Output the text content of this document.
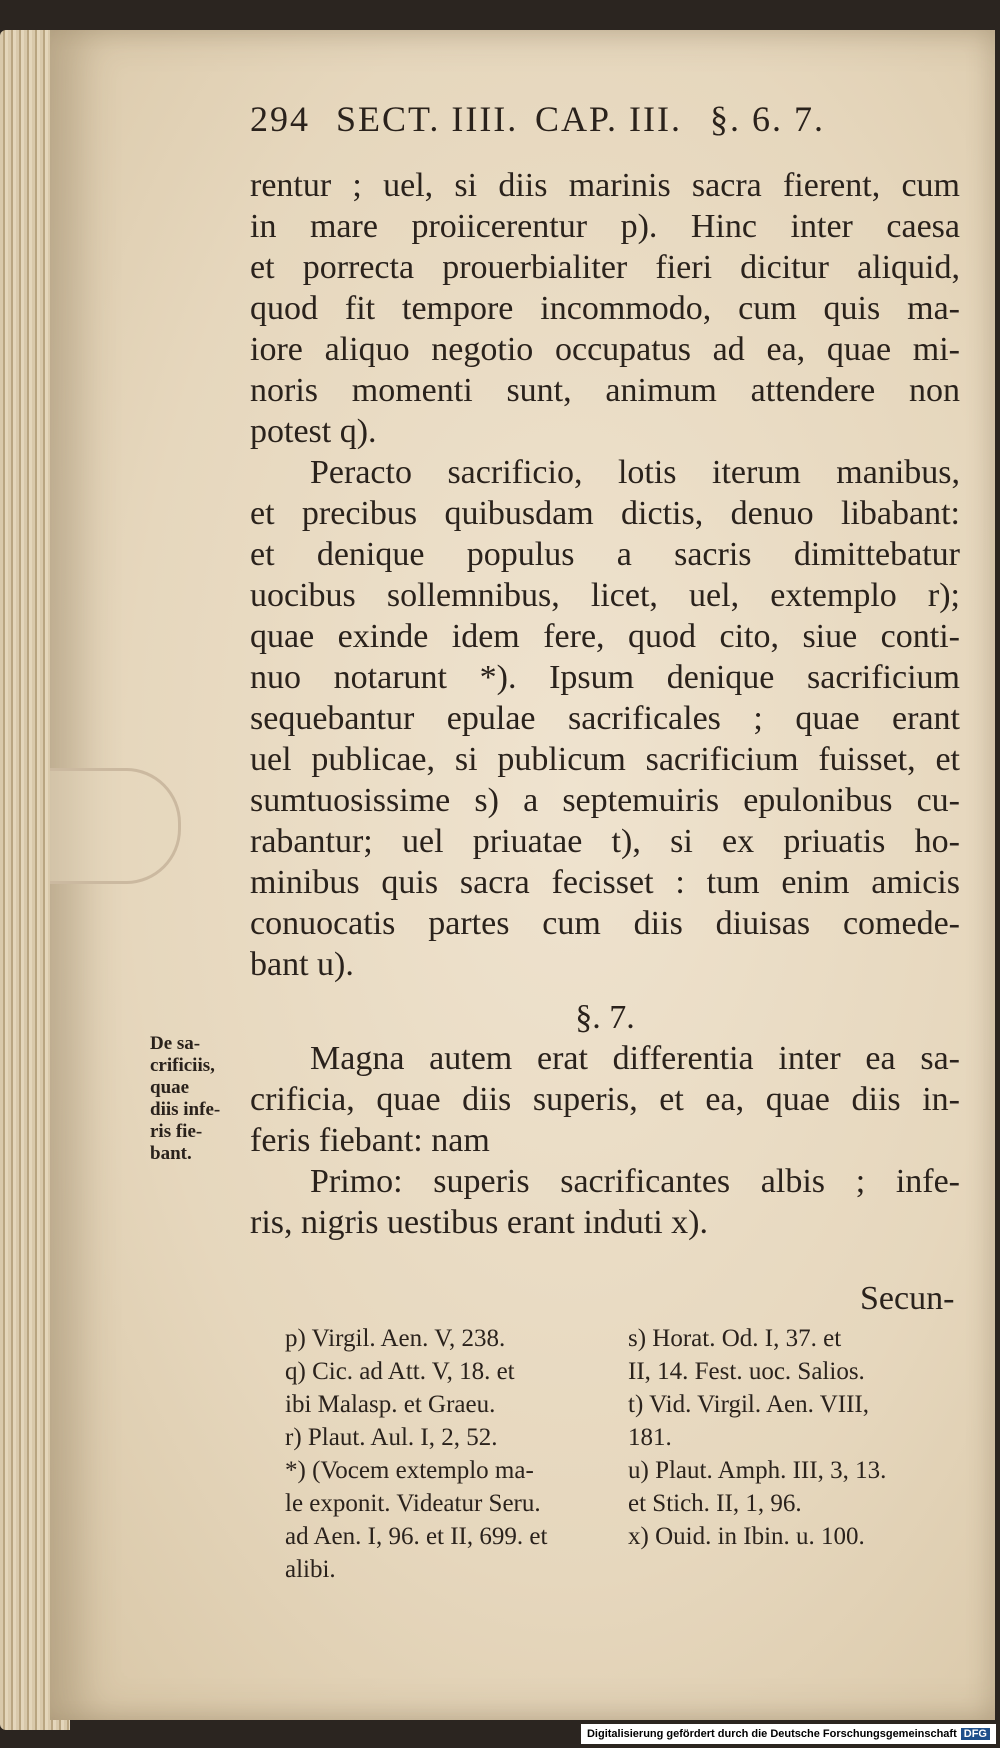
294 SECT. IIII. CAP. III. §. 6. 7.
rentur ; uel, si diis marinis sacra fierent, cum
in mare proiicerentur p). Hinc inter caesa
et porrecta prouerbialiter fieri dicitur aliquid,
quod fit tempore incommodo, cum quis ma-
iore aliquo negotio occupatus ad ea, quae mi-
noris momenti sunt, animum attendere non
potest q).
Peracto sacrificio, lotis iterum manibus,
et precibus quibusdam dictis, denuo libabant:
et denique populus a sacris dimittebatur
uocibus sollemnibus, licet, uel, extemplo r);
quae exinde idem fere, quod cito, siue conti-
nuo notarunt *). Ipsum denique sacrificium
sequebantur epulae sacrificales ; quae erant
uel publicae, si publicum sacrificium fuisset, et
sumtuosissime s) a septemuiris epulonibus cu-
rabantur; uel priuatae t), si ex priuatis ho-
minibus quis sacra fecisset : tum enim amicis
conuocatis partes cum diis diuisas comede-
bant u).
§. 7.
Magna autem erat differentia inter ea sa-
crificia, quae diis superis, et ea, quae diis in-
feris fiebant: nam
Primo: superis sacrificantes albis ; infe-
ris, nigris uestibus erant induti x).
De sa-
crificiis,
quae
diis infe-
ris fie-
bant.
Secun-
p) Virgil. Aen. V, 238.
q) Cic. ad Att. V, 18. et
ibi Malasp. et Graeu.
r) Plaut. Aul. I, 2, 52.
*) (Vocem extemplo ma-
le exponit. Videatur Seru.
ad Aen. I, 96. et II, 699. et
alibi.
s) Horat. Od. I, 37. et
II, 14. Fest. uoc. Salios.
t) Vid. Virgil. Aen. VIII,
181.
u) Plaut. Amph. III, 3, 13.
et Stich. II, 1, 96.
x) Ouid. in Ibin. u. 100.
Digitalisierung gefördert durch die Deutsche Forschungsgemeinschaft DFG
